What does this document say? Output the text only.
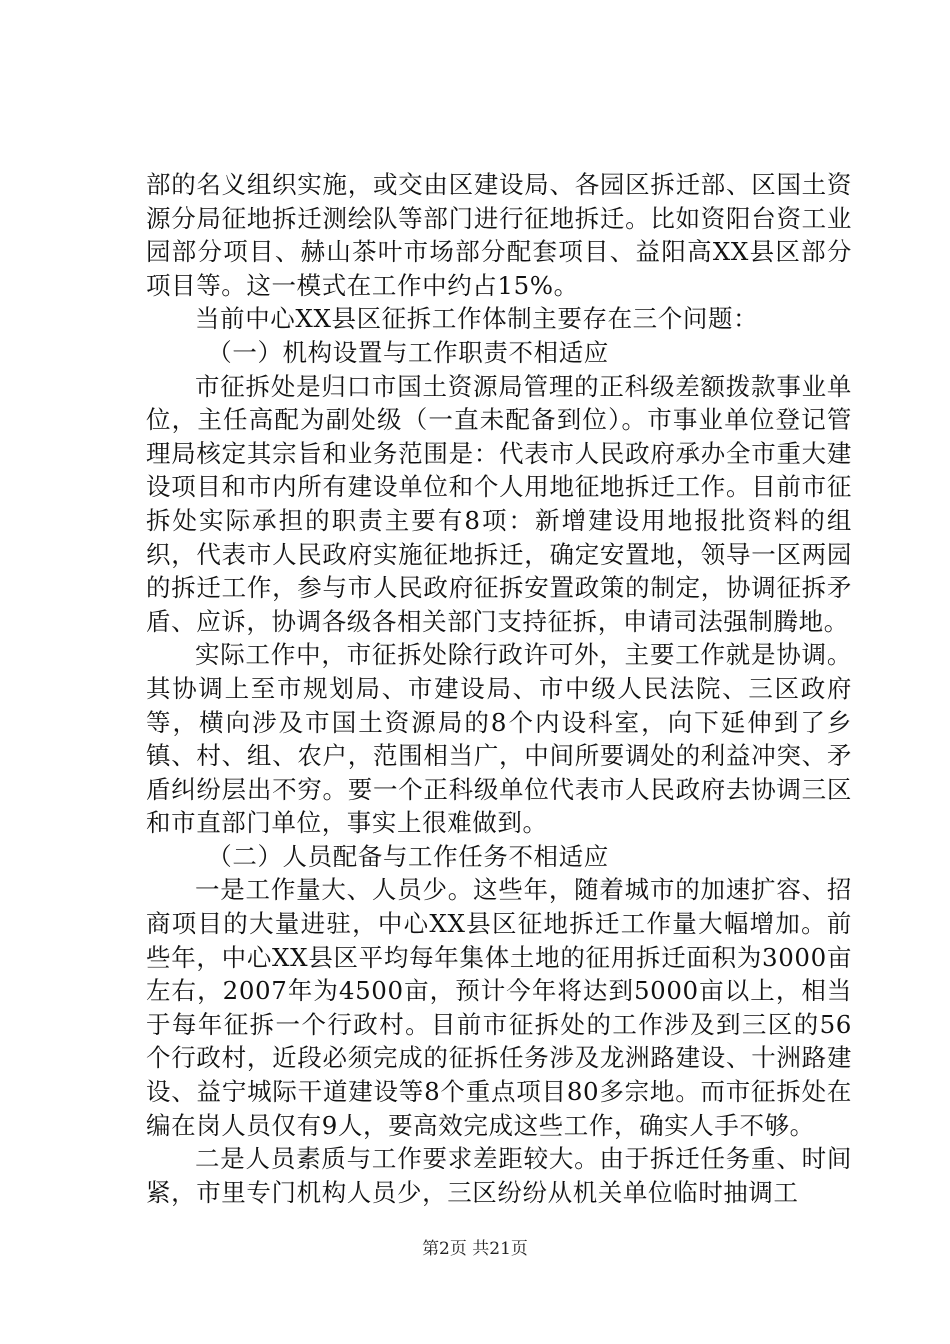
部的名义组织实施，或交由区建设局、各园区拆迁部、区国土资源分局征地拆迁测绘队等部门进行征地拆迁。比如资阳台资工业园部分项目、赫山茶叶市场部分配套项目、益阳高XX县区部分项目等。这一模式在工作中约占15%。

当前中心XX县区征拆工作体制主要存在三个问题：

（一）机构设置与工作职责不相适应

市征拆处是归口市国土资源局管理的正科级差额拨款事业单位，主任高配为副处级（一直未配备到位）。市事业单位登记管理局核定其宗旨和业务范围是：代表市人民政府承办全市重大建设项目和市内所有建设单位和个人用地征地拆迁工作。目前市征拆处实际承担的职责主要有8项：新增建设用地报批资料的组织，代表市人民政府实施征地拆迁，确定安置地，领导一区两园的拆迁工作，参与市人民政府征拆安置政策的制定，协调征拆矛盾、应诉，协调各级各相关部门支持征拆，申请司法强制腾地。

实际工作中，市征拆处除行政许可外，主要工作就是协调。其协调上至市规划局、市建设局、市中级人民法院、三区政府等，横向涉及市国土资源局的8个内设科室，向下延伸到了乡镇、村、组、农户，范围相当广，中间所要调处的利益冲突、矛盾纠纷层出不穷。要一个正科级单位代表市人民政府去协调三区和市直部门单位，事实上很难做到。

（二）人员配备与工作任务不相适应

一是工作量大、人员少。这些年，随着城市的加速扩容、招商项目的大量进驻，中心XX县区征地拆迁工作量大幅增加。前些年，中心XX县区平均每年集体土地的征用拆迁面积为3000亩左右，2007年为4500亩，预计今年将达到5000亩以上，相当于每年征拆一个行政村。目前市征拆处的工作涉及到三区的56个行政村，近段必须完成的征拆任务涉及龙洲路建设、十洲路建设、益宁城际干道建设等8个重点项目80多宗地。而市征拆处在编在岗人员仅有9人，要高效完成这些工作，确实人手不够。

二是人员素质与工作要求差距较大。由于拆迁任务重、时间紧，市里专门机构人员少，三区纷纷从机关单位临时抽调工

第2页 共21页
